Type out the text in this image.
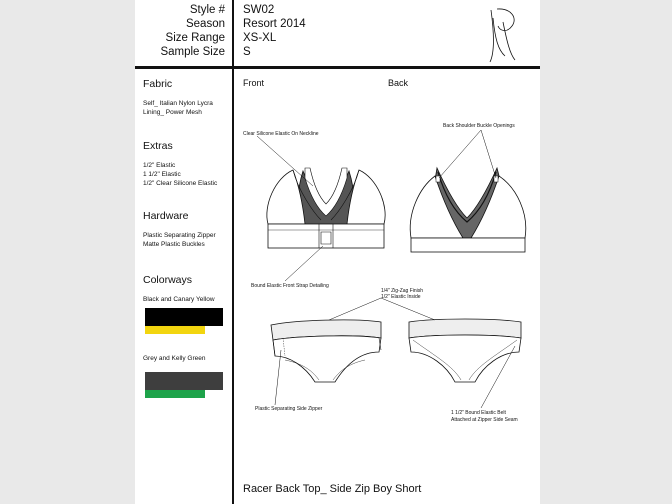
Style #
Season
Size Range
Sample Size
SW02
Resort 2014
XS-XL
S
Fabric
Self_ Italian Nylon Lycra
Lining_ Power Mesh
Extras
1/2" Elastic
1 1/2" Elastic
1/2" Clear Silicone Elastic
Hardware
Plastic Separating Zipper
Matte Plastic Buckles
Colorways
Black and Canary Yellow
Grey and Kelly Green
Front	Back
Clear Silicone Elastic On Neckline
Back Shoulder Buckle Openings
Bound Elastic Front Strap Detailing
1/4" Zig-Zag Finish
1/2" Elastic Inside
Plastic Separating Side Zipper
1 1/2" Bound Elastic Belt
Attached at Zipper Side Seam
Racer Back Top_ Side Zip Boy Short
